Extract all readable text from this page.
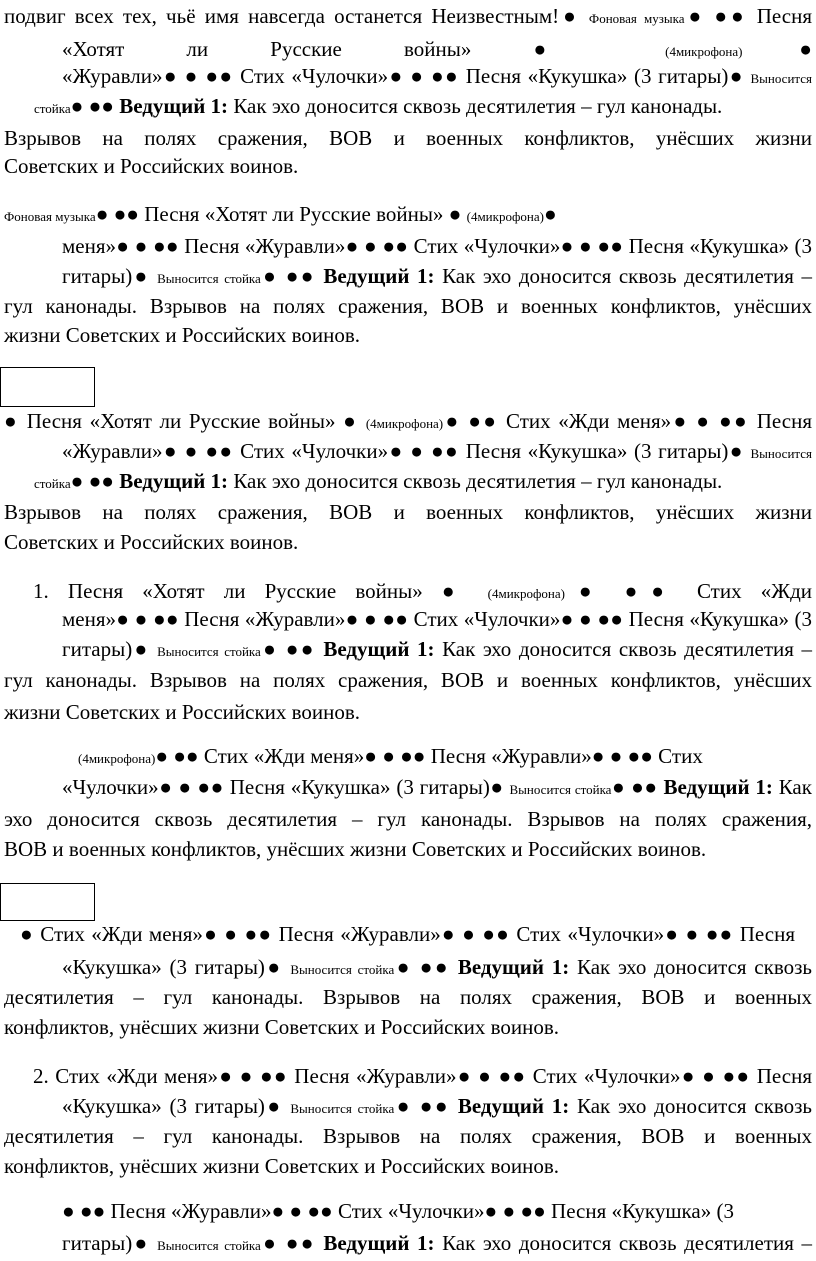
подвиг всех тех, чьё имя навсегда останется Неизвестным!● Фоновая музыка● ●● Песня
«Хотят ли Русские войны» ● (4микрофона)●
«Журавли»● ● ●● Стих «Чулочки»● ● ●● Песня «Кукушка» (3 гитары)● Выносится
стойка● ●● Ведущий 1: Как эхо доносится сквозь десятилетия – гул канонады.
Взрывов на полях сражения, ВОВ и военных конфликтов, унёсших жизни
Советских и Российских воинов.
Фоновая музыка● ●● Песня «Хотят ли Русские войны» ● (4микрофона)●
меня»● ● ●● Песня «Журавли»● ● ●● Стих «Чулочки»● ● ●● Песня «Кукушка» (3
гитары)● Выносится стойка● ●● Ведущий 1: Как эхо доносится сквозь десятилетия –
гул канонады. Взрывов на полях сражения, ВОВ и военных конфликтов, унёсших
жизни Советских и Российских воинов.
● Песня «Хотят ли Русские войны» ● (4микрофона)● ●● Стих «Жди меня»● ● ●● Песня
«Журавли»● ● ●● Стих «Чулочки»● ● ●● Песня «Кукушка» (3 гитары)● Выносится
стойка● ●● Ведущий 1: Как эхо доносится сквозь десятилетия – гул канонады.
Взрывов на полях сражения, ВОВ и военных конфликтов, унёсших жизни
Советских и Российских воинов.
1. Песня «Хотят ли Русские войны» ● (4микрофона)● ●● Стих «Жди
меня»● ● ●● Песня «Журавли»● ● ●● Стих «Чулочки»● ● ●● Песня «Кукушка» (3
гитары)● Выносится стойка● ●● Ведущий 1: Как эхо доносится сквозь десятилетия –
гул канонады. Взрывов на полях сражения, ВОВ и военных конфликтов, унёсших
жизни Советских и Российских воинов.
(4микрофона)● ●● Стих «Жди меня»● ● ●● Песня «Журавли»● ● ●● Стих
«Чулочки»● ● ●● Песня «Кукушка» (3 гитары)● Выносится стойка● ●● Ведущий 1: Как
эхо доносится сквозь десятилетия – гул канонады. Взрывов на полях сражения,
ВОВ и военных конфликтов, унёсших жизни Советских и Российских воинов.
● Стих «Жди меня»● ● ●● Песня «Журавли»● ● ●● Стих «Чулочки»● ● ●● Песня
«Кукушка» (3 гитары)● Выносится стойка● ●● Ведущий 1: Как эхо доносится сквозь
десятилетия – гул канонады. Взрывов на полях сражения, ВОВ и военных
конфликтов, унёсших жизни Советских и Российских воинов.
2. Стих «Жди меня»● ● ●● Песня «Журавли»● ● ●● Стих «Чулочки»● ● ●● Песня
«Кукушка» (3 гитары)● Выносится стойка● ●● Ведущий 1: Как эхо доносится сквозь
десятилетия – гул канонады. Взрывов на полях сражения, ВОВ и военных
конфликтов, унёсших жизни Советских и Российских воинов.
● ●● Песня «Журавли»● ● ●● Стих «Чулочки»● ● ●● Песня «Кукушка» (3
гитары)● Выносится стойка● ●● Ведущий 1: Как эхо доносится сквозь десятилетия –
